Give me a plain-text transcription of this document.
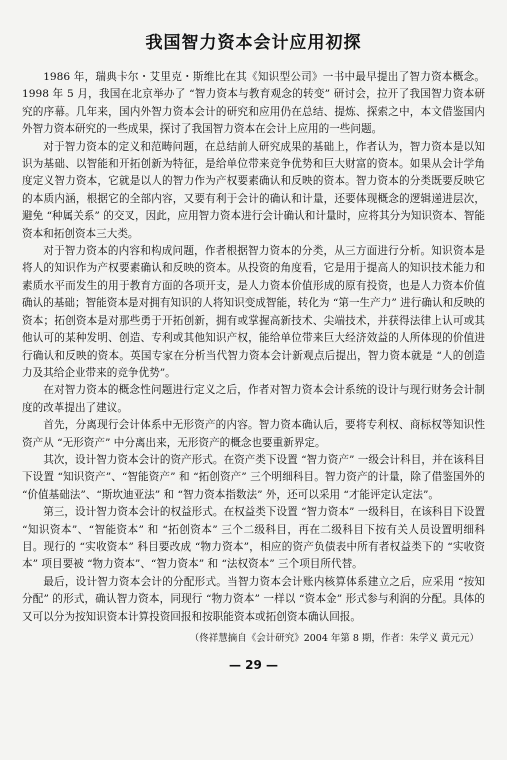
我国智力资本会计应用初探

1986 年，瑞典卡尔・艾里克・斯维比在其《知识型公司》一书中最早提出了智力资本概念。1998 年 5 月，我国在北京举办了 “智力资本与教育观念的转变” 研讨会，拉开了我国智力资本研究的序幕。几年来，国内外智力资本会计的研究和应用仍在总结、提炼、探索之中，本文借鉴国内外智力资本研究的一些成果，探讨了我国智力资本在会计上应用的一些问题。

对于智力资本的定义和范畴问题，在总结前人研究成果的基础上，作者认为，智力资本是以知识为基础、以智能和开拓创新为特征，是给单位带来竞争优势和巨大财富的资本。如果从会计学角度定义智力资本，它就是以人的智力作为产权要素确认和反映的资本。智力资本的分类既要反映它的本质内涵，根据它的全部内容，又要有利于会计的确认和计量，还要体现概念的逻辑递进层次，避免 “种属关系” 的交叉，因此，应用智力资本进行会计确认和计量时，应将其分为知识资本、智能资本和拓创资本三大类。

对于智力资本的内容和构成问题，作者根据智力资本的分类，从三方面进行分析。知识资本是将人的知识作为产权要素确认和反映的资本。从投资的角度看，它是用于提高人的知识技术能力和素质水平而发生的用于教育方面的各项开支，是人力资本价值形成的原有投资，也是人力资本价值确认的基础；智能资本是对拥有知识的人将知识变成智能，转化为 “第一生产力” 进行确认和反映的资本；拓创资本是对那些勇于开拓创新，拥有或掌握高新技术、尖端技术，并获得法律上认可或其他认可的某种发明、创造、专利或其他知识产权，能给单位带来巨大经济效益的人所体现的价值进行确认和反映的资本。英国专家在分析当代智力资本会计新观点后提出，智力资本就是 “人的创造力及其给企业带来的竞争优势”。

在对智力资本的概念性问题进行定义之后，作者对智力资本会计系统的设计与现行财务会计制度的改革提出了建议。

首先，分离现行会计体系中无形资产的内容。智力资本确认后，要将专利权、商标权等知识性资产从 “无形资产” 中分离出来，无形资产的概念也要重新界定。

其次，设计智力资本会计的资产形式。在资产类下设置 “智力资产” 一级会计科目，并在该科目下设置 “知识资产”、“智能资产” 和 “拓创资产” 三个明细科目。智力资产的计量，除了借鉴国外的 “价值基础法”、“斯坎迪亚法” 和 “智力资本指数法” 外，还可以采用 “才能评定认定法”。

第三，设计智力资本会计的权益形式。在权益类下设置 “智力资本” 一级科目，在该科目下设置 “知识资本”、“智能资本” 和 “拓创资本” 三个二级科目，再在二级科目下按有关人员设置明细科目。现行的 “实收资本” 科目要改成 “物力资本”，相应的资产负债表中所有者权益类下的 “实收资本” 项目要被 “物力资本”、“智力资本” 和 “法权资本” 三个项目所代替。

最后，设计智力资本会计的分配形式。当智力资本会计账内核算体系建立之后，应采用 “按知分配” 的形式，确认智力资本，同现行 “物力资本” 一样以 “资本金” 形式参与利润的分配。具体的又可以分为按知识资本计算投资回报和按职能资本或拓创资本确认回报。

（佟祥慧摘自《会计研究》2004 年第 8 期，作者：朱学义 黄元元）
— 29 —
